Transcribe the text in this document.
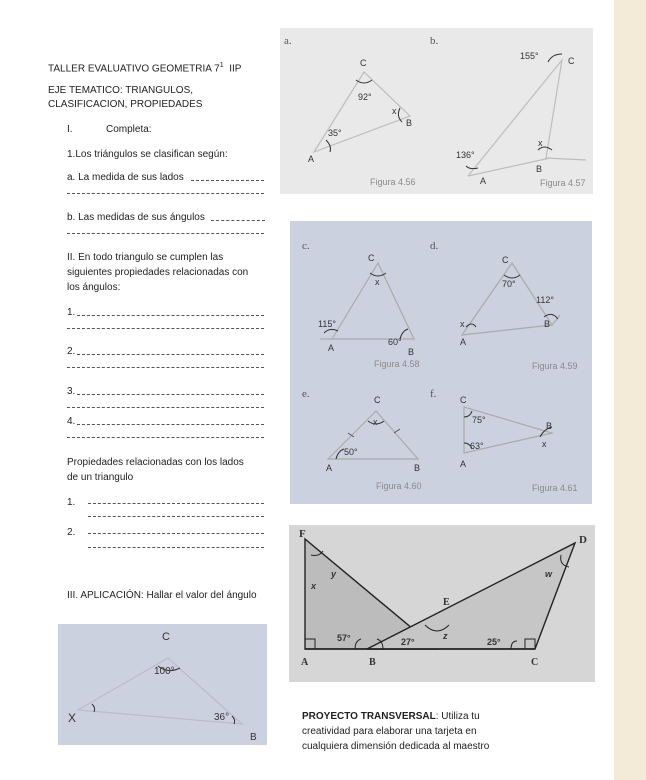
TALLER EVALUATIVO GEOMETRIA $7^1$ IIP
EJE TEMATICO: TRIANGULOS,
CLASIFICACION, PROPIEDADES
I.	Completa:
1.Los triángulos se clasifican según:
a. La medida de sus lados
b. Las medidas de sus ángulos
II. En todo triangulo se cumplen las
siguientes propiedades relacionadas con
los ángulos:
1.
2.
3.
4.
Propiedades relacionadas con los lados
de un triangulo
1.
2.
III. APLICACIÓN: Hallar el valor del ángulo
PROYECTO TRANSVERSAL: Utiliza tu
creatividad para elaborar una tarjeta en
cualquiera dimensión dedicada al maestro
a.	b.
C
92°
x
B
35°
A
Figura 4.56
155°	C
136°
A
x
B
Figura 4.57
c.	d.
e.	f.
C
x
115°
A
60°
B
Figura 4.58
C
70°
112°
B
x
A
Figura 4.59
C
x
50°
A	B
Figura 4.60
C
75°
63°
A
B
x
Figura 4.61
C
100°
X	36°
B
F	D
E
A	B	C
x
y	w
z
57°	27°	25°
